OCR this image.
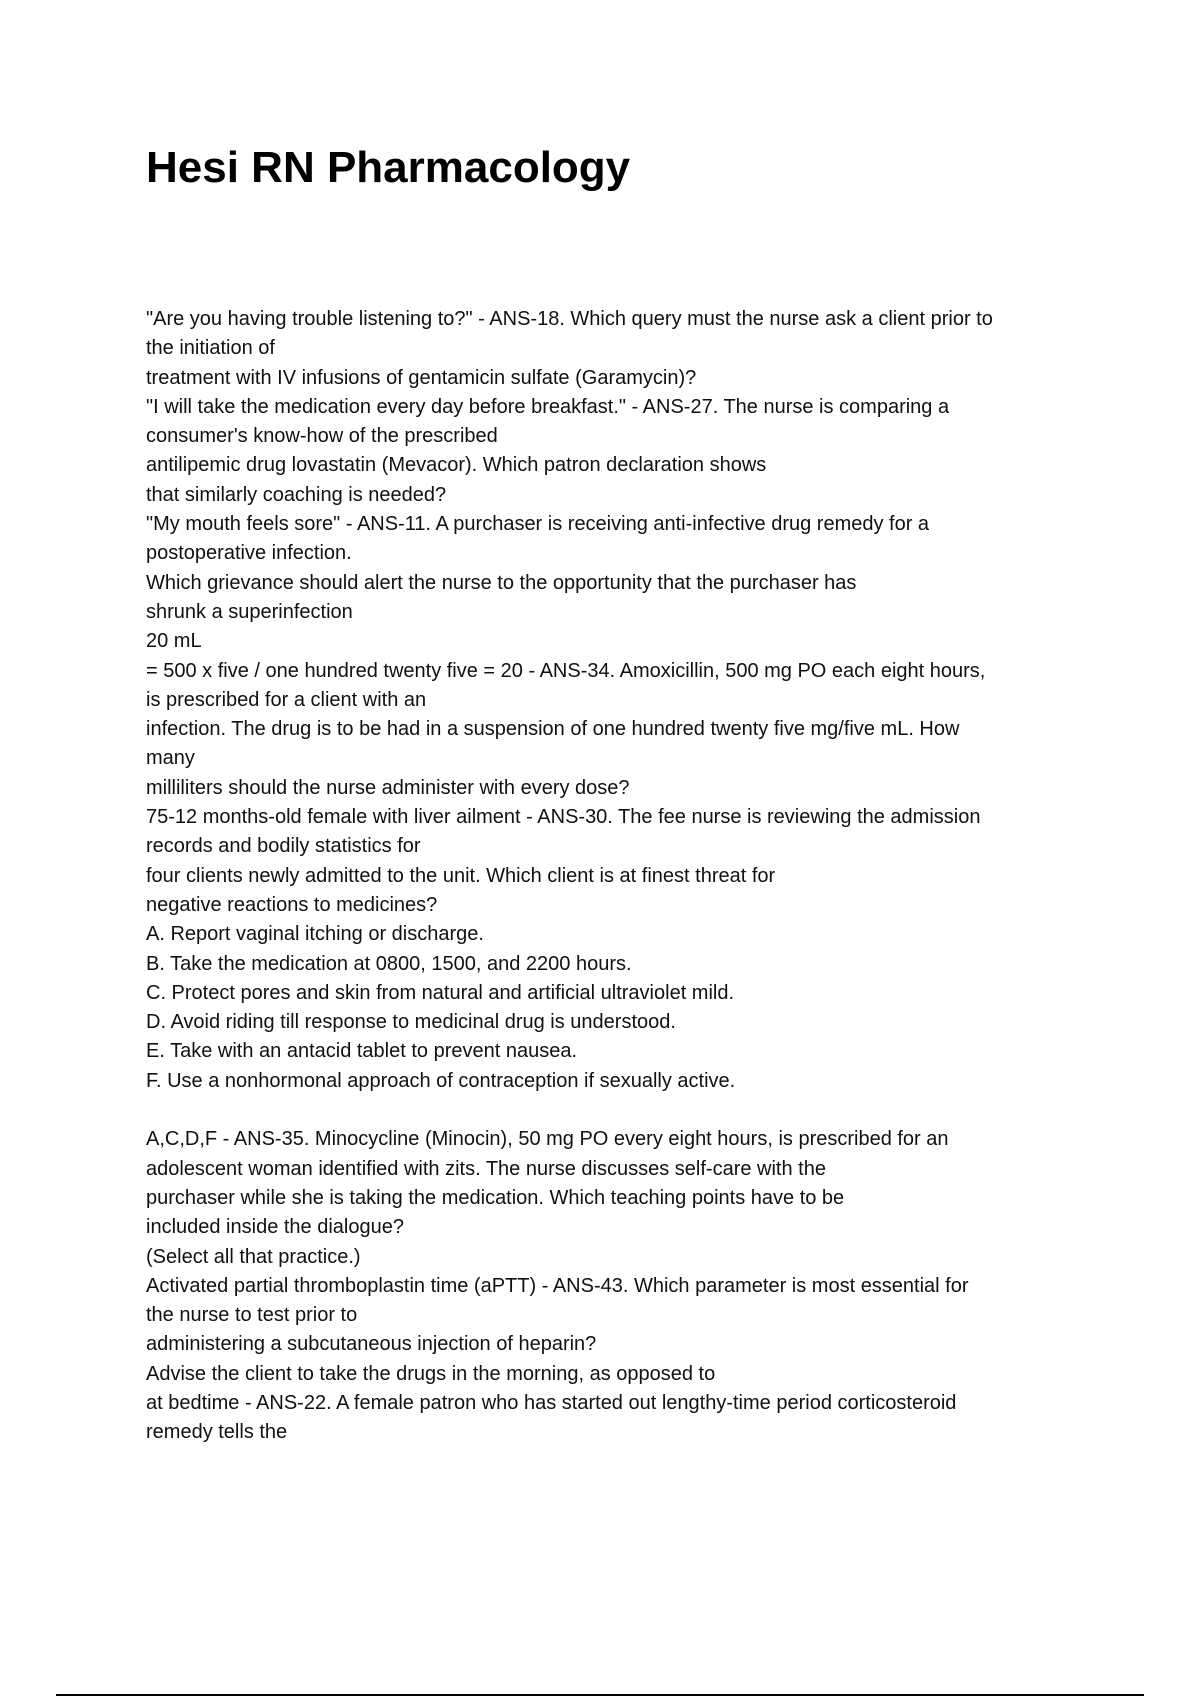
Hesi RN Pharmacology
"Are you having trouble listening to?" - ANS-18. Which query must the nurse ask a client prior to
the initiation of
treatment with IV infusions of gentamicin sulfate (Garamycin)?
"I will take the medication every day before breakfast." - ANS-27. The nurse is comparing a
consumer's know-how of the prescribed
antilipemic drug lovastatin (Mevacor). Which patron declaration shows
that similarly coaching is needed?
"My mouth feels sore" - ANS-11. A purchaser is receiving anti-infective drug remedy for a
postoperative infection.
Which grievance should alert the nurse to the opportunity that the purchaser has
shrunk a superinfection
20 mL
= 500 x five / one hundred twenty five = 20 - ANS-34. Amoxicillin, 500 mg PO each eight hours,
is prescribed for a client with an
infection. The drug is to be had in a suspension of one hundred twenty five mg/five mL. How
many
milliliters should the nurse administer with every dose?
75-12 months-old female with liver ailment - ANS-30. The fee nurse is reviewing the admission
records and bodily statistics for
four clients newly admitted to the unit. Which client is at finest threat for
negative reactions to medicines?
A. Report vaginal itching or discharge.
B. Take the medication at 0800, 1500, and 2200 hours.
C. Protect pores and skin from natural and artificial ultraviolet mild.
D. Avoid riding till response to medicinal drug is understood.
E. Take with an antacid tablet to prevent nausea.
F. Use a nonhormonal approach of contraception if sexually active.
A,C,D,F - ANS-35. Minocycline (Minocin), 50 mg PO every eight hours, is prescribed for an
adolescent woman identified with zits. The nurse discusses self-care with the
purchaser while she is taking the medication. Which teaching points have to be
included inside the dialogue?
(Select all that practice.)
Activated partial thromboplastin time (aPTT) - ANS-43. Which parameter is most essential for
the nurse to test prior to
administering a subcutaneous injection of heparin?
Advise the client to take the drugs in the morning, as opposed to
at bedtime - ANS-22. A female patron who has started out lengthy-time period corticosteroid
remedy tells the
